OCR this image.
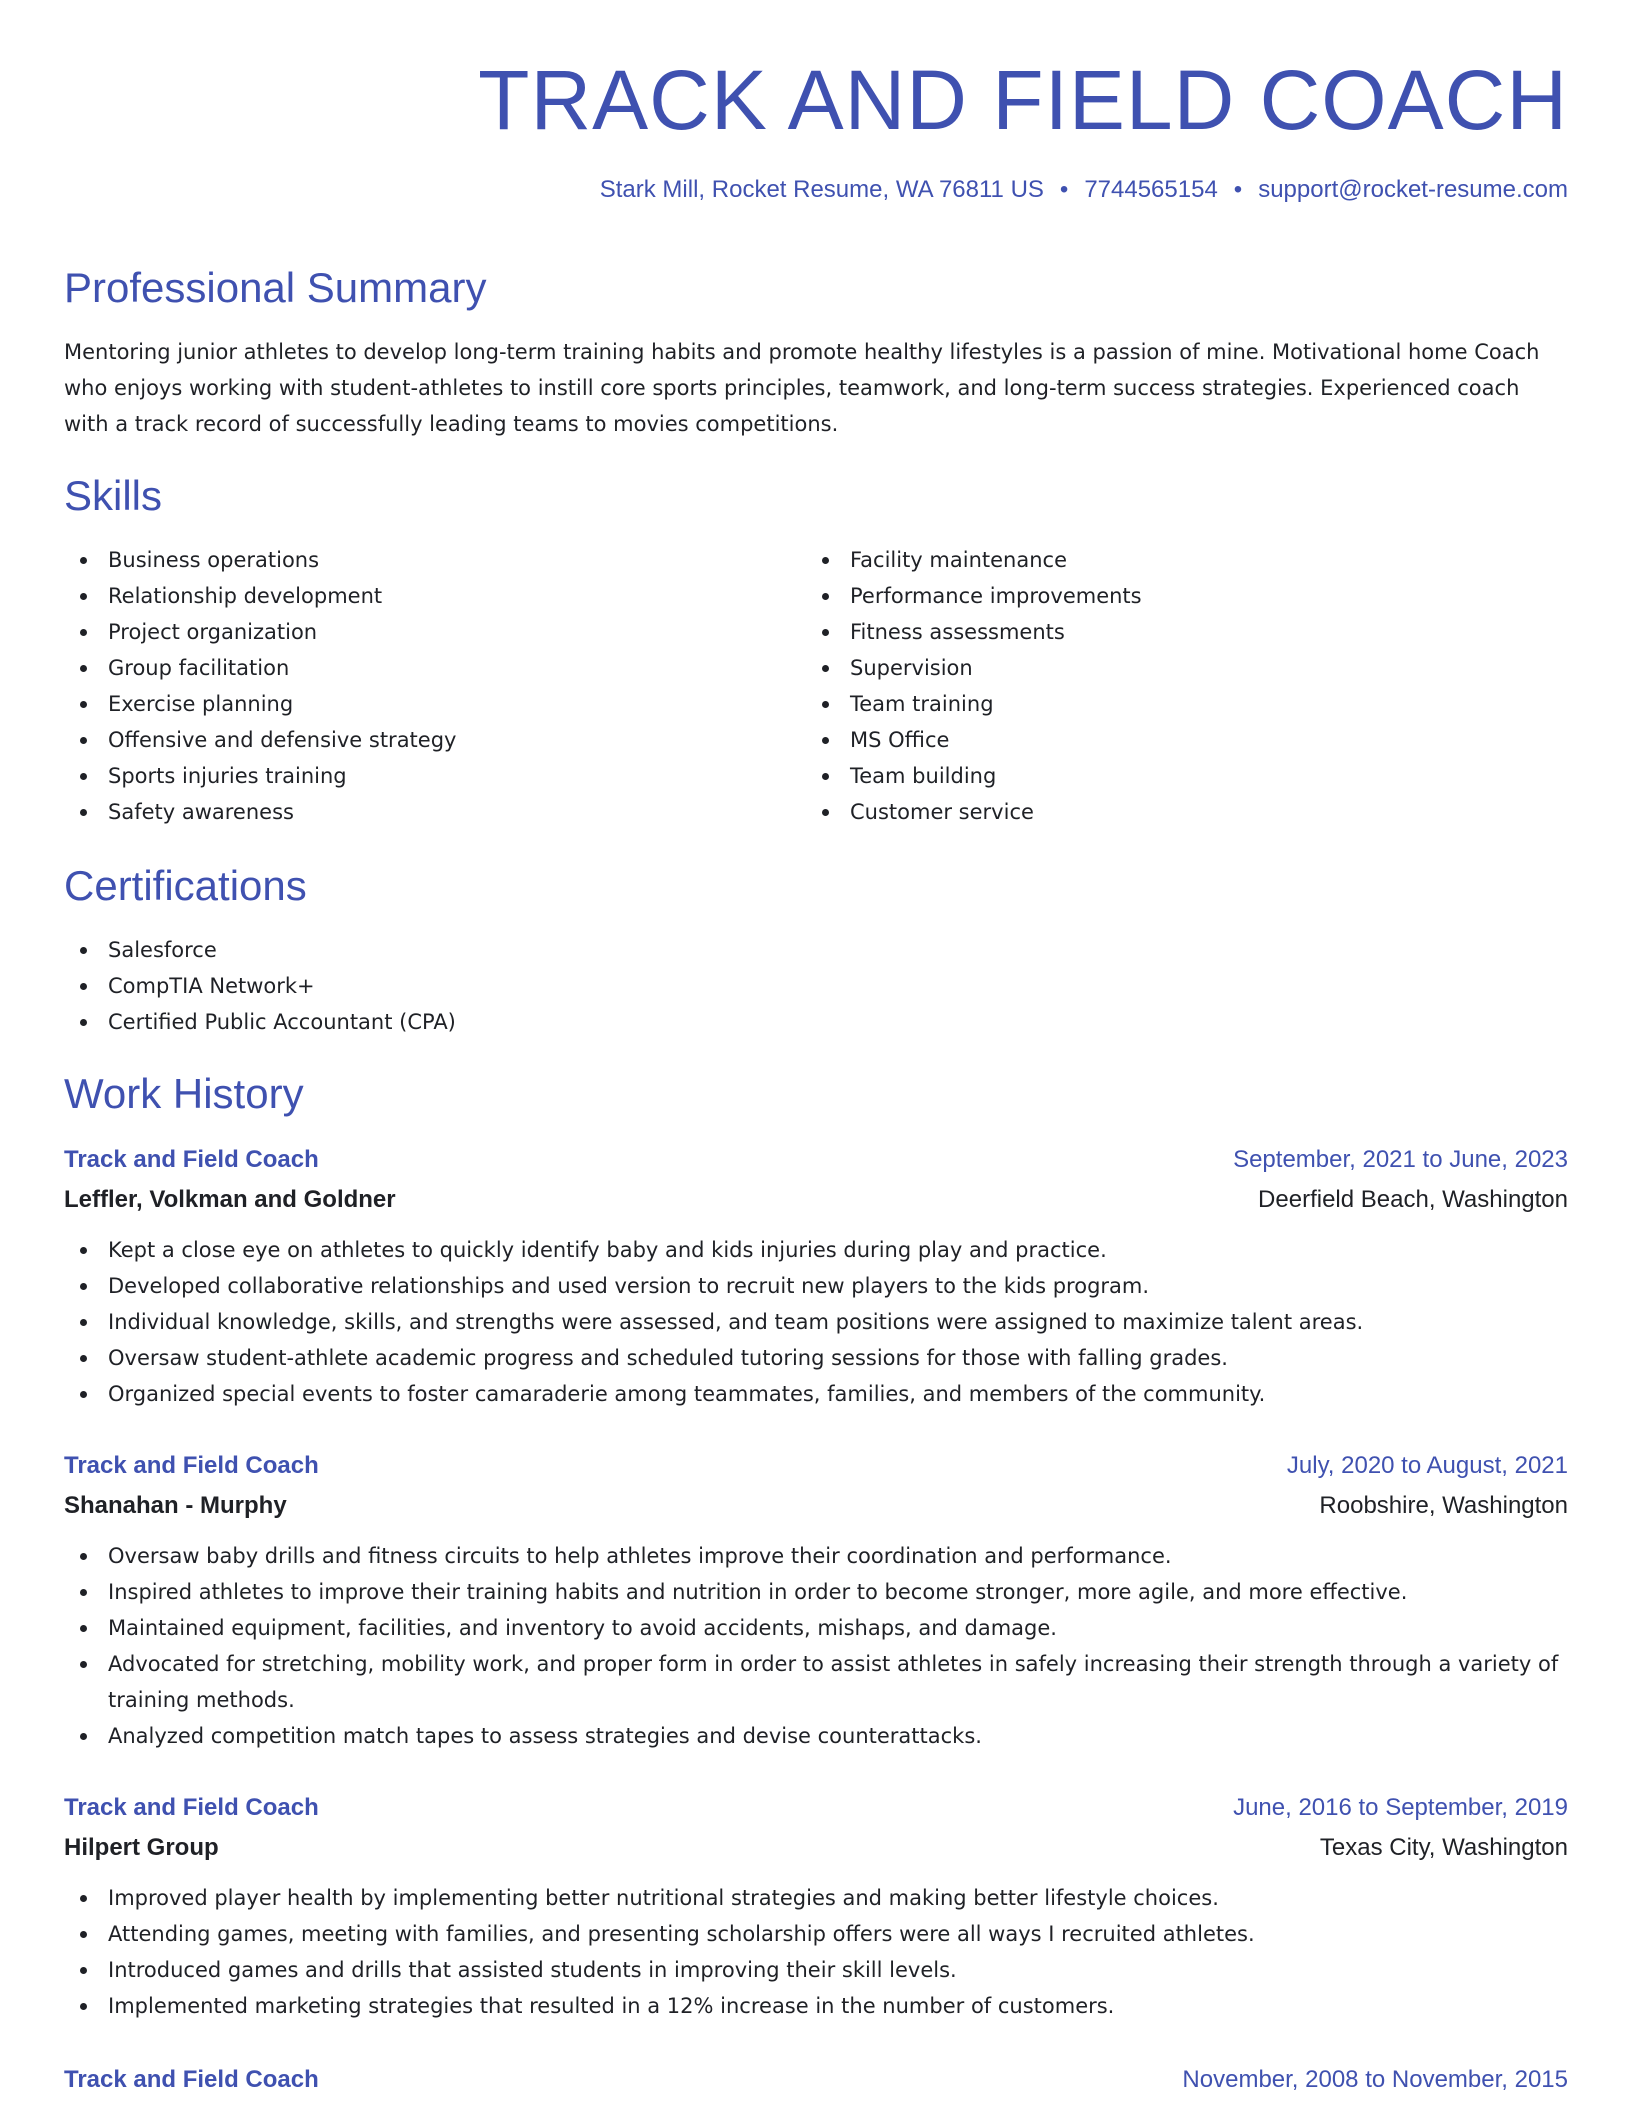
TRACK AND FIELD COACH
Stark Mill, Rocket Resume, WA 76811 US • 7744565154 • support@rocket-resume.com
Professional Summary

Mentoring junior athletes to develop long-term training habits and promote healthy lifestyles is a passion of mine. Motivational home Coach who enjoys working with student-athletes to instill core sports principles, teamwork, and long-term success strategies. Experienced coach with a track record of successfully leading teams to movies competitions.

Skills
Business operations
Relationship development
Project organization
Group facilitation
Exercise planning
Offensive and defensive strategy
Sports injuries training
Safety awareness
Facility maintenance
Performance improvements
Fitness assessments
Supervision
Team training
MS Office
Team building
Customer service
Certifications
Salesforce
CompTIA Network+
Certified Public Accountant (CPA)
Work History
Track and Field Coach	September, 2021 to June, 2023
Leffler, Volkman and Goldner	Deerfield Beach, Washington
Kept a close eye on athletes to quickly identify baby and kids injuries during play and practice.
Developed collaborative relationships and used version to recruit new players to the kids program.
Individual knowledge, skills, and strengths were assessed, and team positions were assigned to maximize talent areas.
Oversaw student-athlete academic progress and scheduled tutoring sessions for those with falling grades.
Organized special events to foster camaraderie among teammates, families, and members of the community.
Track and Field Coach	July, 2020 to August, 2021
Shanahan - Murphy	Roobshire, Washington
Oversaw baby drills and fitness circuits to help athletes improve their coordination and performance.
Inspired athletes to improve their training habits and nutrition in order to become stronger, more agile, and more effective.
Maintained equipment, facilities, and inventory to avoid accidents, mishaps, and damage.
Advocated for stretching, mobility work, and proper form in order to assist athletes in safely increasing their strength through a variety of training methods.
Analyzed competition match tapes to assess strategies and devise counterattacks.
Track and Field Coach	June, 2016 to September, 2019
Hilpert Group	Texas City, Washington
Improved player health by implementing better nutritional strategies and making better lifestyle choices.
Attending games, meeting with families, and presenting scholarship offers were all ways I recruited athletes.
Introduced games and drills that assisted students in improving their skill levels.
Implemented marketing strategies that resulted in a 12% increase in the number of customers.
Track and Field Coach	November, 2008 to November, 2015
